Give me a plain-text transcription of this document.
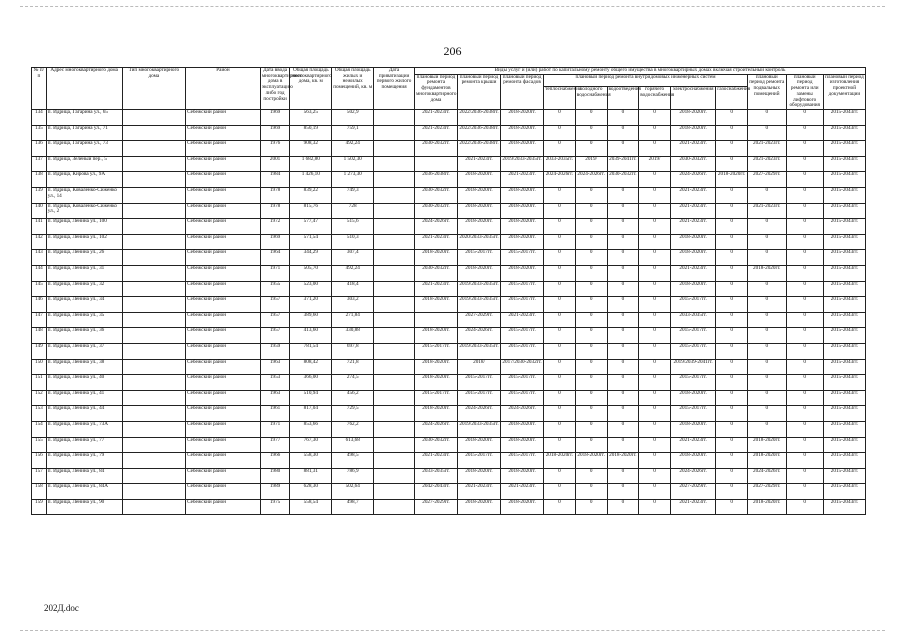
206
№ п/п	Адрес многоквартирного дома	Тип многоквартирного дома	Район	Дата ввода многоквартирного дома в эксплуатацию либо год постройки	Общая площадь многоквартирного дома, кв. м	Общая площадь жилых и нежилых помещений, кв. м	Дата приватизации первого жилого помещения	Виды услуг и (или) работ по капитальному ремонту общего имущества в многоквартирных домах включая строительный контроль											
								плановый период ремонта фундаментов многоквартирного дома	плановый период ремонта крыши	плановый период ремонта фасадов	плановый период ремонта внутридомовых инженерных систем						плановый период ремонта подвальных помещений	плановый период ремонта или замены лифтового оборудования	плановый период изготовления проектной документации
											теплоснабжения	холодного водоснабжения	водоотведения	горячего водоснабжения	электроснабжения	газоснабжения			
134	п. Идрица, Гагарина ул., 65		Себежский район	1969	563,25	502,9		2021-2023гг.	2022/2036-2038гг.	2018-2020гг.	0	0	0	0	2018-2020гг.	0	0	0	2015-2043гг.
135	п. Идрица, Гагарина ул., 71		Себежский район	1969	850,19	759,1		2021-2023гг.	2022/2036-2038гг.	2018-2020гг.	0	0	0	0	2018-2020гг.	0	0	0	2015-2043гг.
136	п. Идрица, Гагарина ул., 73		Себежский район	1976	908,32	492,24		2030-2032гг.	2022/2036-2038гг.	2018-2020гг.	0	0	0	0	2021-2023гг.	0	2021-2023гг.	0	2015-2043гг.
137	п. Идрица, Зеленый пер., 5		Себежский район	2001	1 682,80	1 502,30			2021-2023гг.	2019/2033-2035гг.	2033-2035гг.	2019/	2039-2041гг.	2019/	2030-2032гг.	0	2021-2023гг.	0	2015-2043гг.
138	п. Идрица, Кирова ул., 9А		Себежский район	1984	1 426,10	1 273,30		2036-2038гг.	2018-2020гг.	2021-2023гг.	2024-2026гг.	2024-2026гг.	2030-2032гг.	0	2024-2026гг.	2018-2020гг.	2027-2029гг.	0	2015-2043гг.
139	п. Идрица, Коваленко-Сиженко ул., 14		Себежский район	1978	839,22	749,3		2030-2032гг.	2018-2020гг.	2018-2020гг.	0	0	0	0	2021-2023гг.	0	0	0	2015-2043гг.
140	п. Идрица, Коваленко-Сиженко ул., 2		Себежский район	1978	815,76	728		2030-2032гг.	2018-2020гг.	2018-2020гг.	0	0	0	0	2021-2023гг.	0	2021-2023гг.	0	2015-2043гг.
141	п. Идрица, Ленина ул., 100		Себежский район	1972	577,47	515,6		2024-2026гг.	2018-2020гг.	2018-2020гг.	0	0	0	0	2021-2023гг.	0	0	0	2015-2043гг.
142	п. Идрица, Ленина ул., 102		Себежский район	1969	571,54	510,3		2021-2023гг.	2020/2033-2035гг.	2018-2020гг.	0	0	0	0	2018-2020гг.	0	0	0	2015-2043гг.
143	п. Идрица, Ленина ул., 26		Себежский район	1964	344,29	307,4		2018-2020гг.	2015-2017гг.	2015-2017гг.	0	0	0	0	2018-2020гг.	0	0	0	2015-2043гг.
144	п. Идрица, Ленина ул., 31		Себежский район	1971	505,70	492,24		2030-2032гг.	2018-2020гг.	2018-2020гг.	0	0	0	0	2021-2023гг.	0	2018-2020гг.	0	2015-2043гг.
145	п. Идрица, Ленина ул., 32		Себежский район	1955	523,00	418,4		2021-2023гг.	2019/2033-2035гг.	2015-2017гг.	0	0	0	0	2018-2020гг.	0	0	0	2015-2043гг.
146	п. Идрица, Ленина ул., 34		Себежский район	1957	371,20	303,2		2018-2020гг.	2019/2033-2035гг.	2015-2017гг.	0	0	0	0	2015-2017гг.	0	0	0	2015-2043гг.
147	п. Идрица, Ленина ул., 35		Себежский район	1957	389,60	271,84			2027-2029гг.	2021-2023гг.	0	0	0	0	2033-2035гг.	0	0	0	2015-2043гг.
148	п. Идрица, Ленина ул., 36		Себежский район	1957	413,60	330,88		2018-2020гг.	2024-2026гг.	2015-2017гг.	0	0	0	0	2015-2017гг.	0	0	0	2015-2043гг.
149	п. Идрица, Ленина ул., 37		Себежский район	1959	781,54	697,8		2015-2017гг.	2019/2033-2035гг.	2015-2017гг.	0	0	0	0	2015-2017гг.	0	0	0	2015-2043гг.
150	п. Идрица, Ленина ул., 38		Себежский район	1963	808,42	721,8		2018-2020гг.	2018/	2017/2030-2032гг.	0	0	0	0	2019/2039-2041гг.	0	0	0	2015-2043гг.
151	п. Идрица, Ленина ул., 40		Себежский район	1953	366,00	274,5		2018-2020гг.	2015-2017гг.	2015-2017гг.	0	0	0	0	2015-2017гг.	0	0	0	2015-2043гг.
152	п. Идрица, Ленина ул., 41		Себежский район	1963	510,94	456,2		2015-2017гг.	2015-2017гг.	2015-2017гг.	0	0	0	0	2018-2020гг.	0	0	0	2015-2043гг.
153	п. Идрица, Ленина ул., 44		Себежский район	1961	817,04	729,5		2018-2020гг.	2024-2026гг.	2024-2026гг.	0	0	0	0	2015-2017гг.	0	0	0	2015-2043гг.
154	п. Идрица, Ленина ул., 73А		Себежский район	1971	853,66	762,2		2024-2026гг.	2019/2033-2035гг.	2018-2020гг.	0	0	0	0	2018-2020гг.	0	0	0	2015-2043гг.
155	п. Идрица, Ленина ул., 77		Себежский район	1977	767,30	613,68		2030-2032гг.	2018-2020гг.	2018-2020гг.	0	0	0	0	2021-2023гг.	0	2018-2020гг.	0	2015-2043гг.
156	п. Идрица, Ленина ул., 79		Себежский район	1966	558,30	498,5		2021-2023гг.	2015-2017гг.	2015-2017гг.	2018-2020гг.	2018-2020гг.	2018-2020гг.	0	2018-2020гг.	0	2018-2020гг.	0	2015-2043гг.
157	п. Идрица, Ленина ул., 84		Себежский район	1980	881,31	786,9		2033-2035гг.	2018-2020гг.	2018-2020гг.	0	0	0	0	2024-2026гг.	0	2024-2026гг.	0	2015-2043гг.
158	п. Идрица, Ленина ул., 84А		Себежский район	1989	628,30	502,64		2042-2043гг.	2021-2023гг.	2021-2023гг.	0	0	0	0	2027-2029гг.	0	2027-2029гг.	0	2015-2043гг.
159	п. Идрица, Ленина ул., 90		Себежский район	1975	558,54	498,7		2027-2029гг.	2018-2020гг.	2018-2020гг.	0	0	0	0	2021-2023гг.	0	2018-2020гг.	0	2015-2043гг.
202Д.doc
